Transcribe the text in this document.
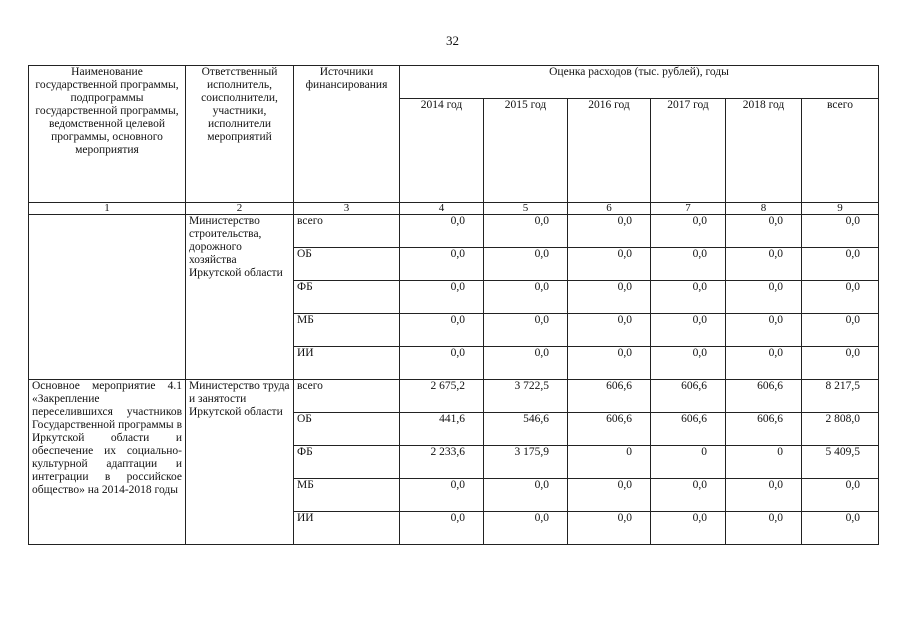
32
Наименование государственной программы, подпрограммы государственной программы, ведомственной целевой программы, основного мероприятия	Ответственный исполнитель, соисполнители, участники, исполнители мероприятий	Источники финансирования	Оценка расходов (тыс. рублей), годы					
			2014 год	2015 год	2016 год	2017 год	2018 год	всего
1	2	3	4	5	6	7	8	9
	Министерство строительства, дорожного хозяйства Иркутской области	всего	0,0	0,0	0,0	0,0	0,0	0,0
		ОБ	0,0	0,0	0,0	0,0	0,0	0,0
		ФБ	0,0	0,0	0,0	0,0	0,0	0,0
		МБ	0,0	0,0	0,0	0,0	0,0	0,0
		ИИ	0,0	0,0	0,0	0,0	0,0	0,0
Основное мероприятие 4.1 «Закрепление переселившихся участников Государственной программы в Иркутской области и обеспечение их социально-культурной адаптации и интеграции в российское общество» на 2014-2018 годы	Министерство труда и занятости Иркутской области	всего	2 675,2	3 722,5	606,6	606,6	606,6	8 217,5
		ОБ	441,6	546,6	606,6	606,6	606,6	2 808,0
		ФБ	2 233,6	3 175,9	0	0	0	5 409,5
		МБ	0,0	0,0	0,0	0,0	0,0	0,0
		ИИ	0,0	0,0	0,0	0,0	0,0	0,0
